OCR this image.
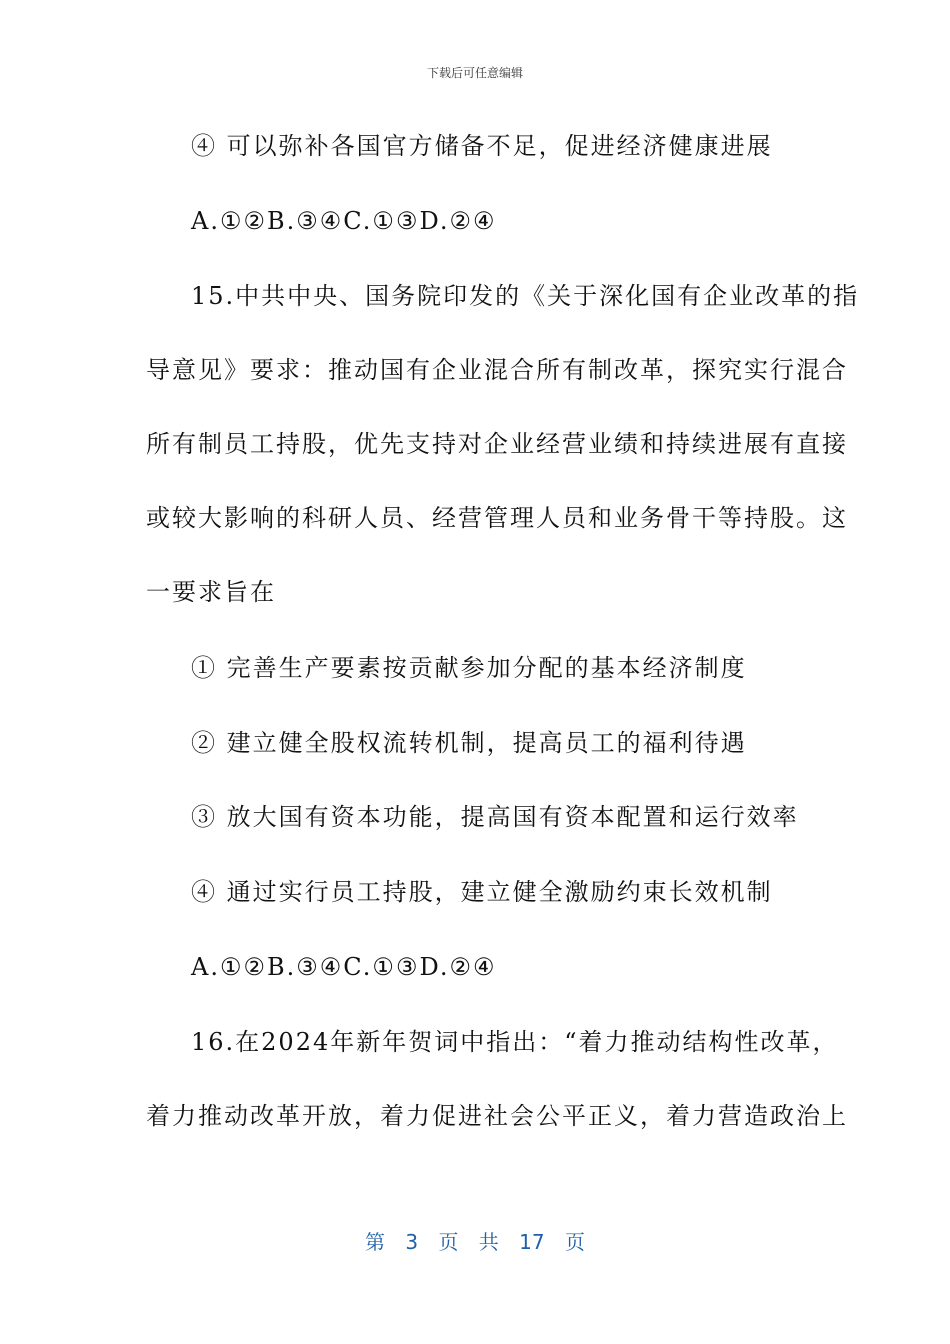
下载后可任意编辑
④ 可以弥补各国官方储备不足，促进经济健康进展
A.①②B.③④C.①③D.②④
15.中共中央、国务院印发的《关于深化国有企业改革的指
导意见》要求：推动国有企业混合所有制改革，探究实行混合
所有制员工持股，优先支持对企业经营业绩和持续进展有直接
或较大影响的科研人员、经营管理人员和业务骨干等持股。这
一要求旨在
① 完善生产要素按贡献参加分配的基本经济制度
② 建立健全股权流转机制，提高员工的福利待遇
③ 放大国有资本功能，提高国有资本配置和运行效率
④ 通过实行员工持股，建立健全激励约束长效机制
A.①②B.③④C.①③D.②④
16.在2024年新年贺词中指出：“着力推动结构性改革，
着力推动改革开放，着力促进社会公平正义，着力营造政治上
第 3 页 共 17 页
